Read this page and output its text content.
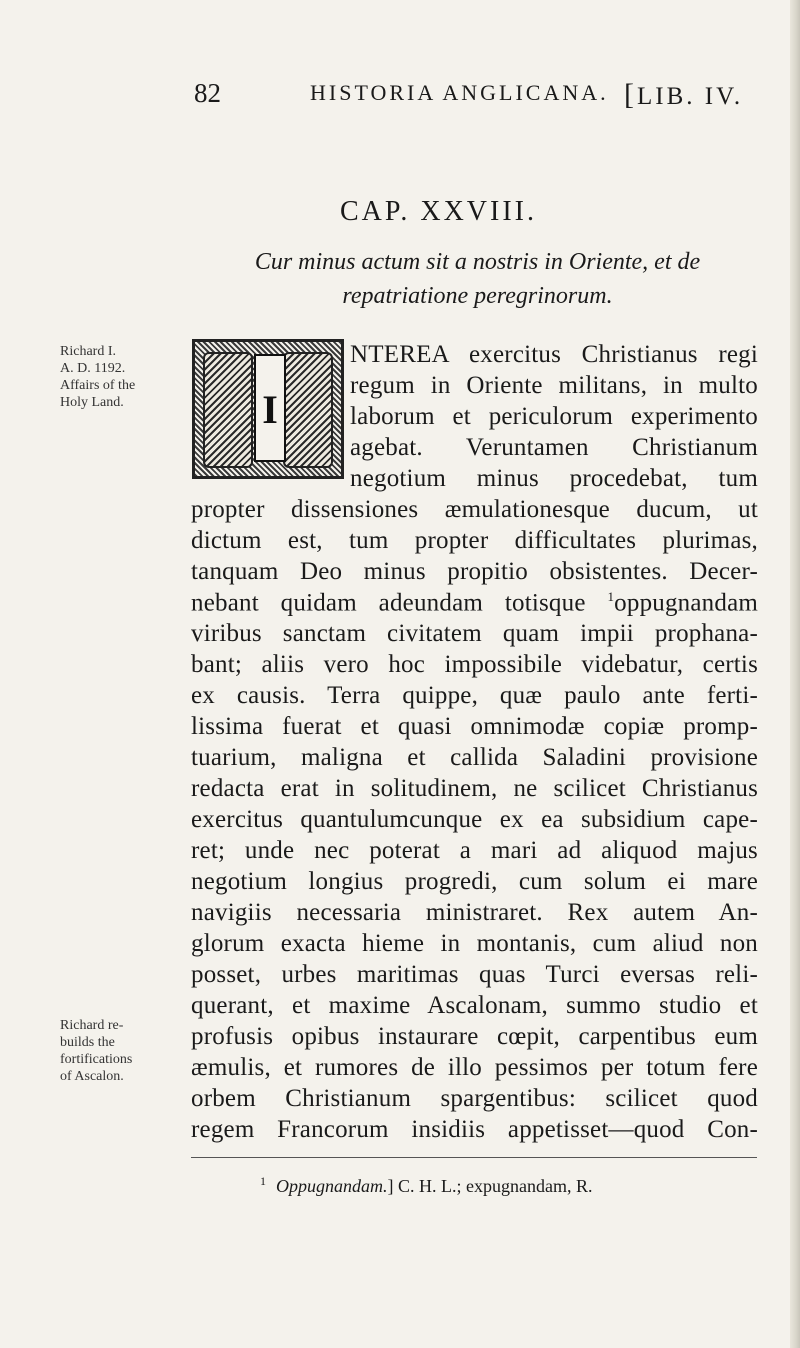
82	HISTORIA ANGLICANA. [LIB. IV.
CAP. XXVIII.
Cur minus actum sit a nostris in Oriente, et de repatriatione peregrinorum.
Richard I.
A. D. 1192.
Affairs of the
Holy Land.
Richard re-
builds the
fortifications
of Ascalon.
I
NTEREA exercitus Christianus regi
regum in Oriente militans, in multo
laborum et periculorum experimento
agebat. Veruntamen Christianum
negotium minus procedebat, tum
propter dissensiones æmulationesque ducum, ut
dictum est, tum propter difficultates plurimas,
tanquam Deo minus propitio obsistentes. Decer-
nebant quidam adeundam totisque $^1$oppugnandam
viribus sanctam civitatem quam impii prophana-
bant; aliis vero hoc impossibile videbatur, certis
ex causis. Terra quippe, quæ paulo ante ferti-
lissima fuerat et quasi omnimodæ copiæ promp-
tuarium, maligna et callida Saladini provisione
redacta erat in solitudinem, ne scilicet Christianus
exercitus quantulumcunque ex ea subsidium cape-
ret; unde nec poterat a mari ad aliquod majus
negotium longius progredi, cum solum ei mare
navigiis necessaria ministraret. Rex autem An-
glorum exacta hieme in montanis, cum aliud non
posset, urbes maritimas quas Turci eversas reli-
querant, et maxime Ascalonam, summo studio et
profusis opibus instaurare cœpit, carpentibus eum
æmulis, et rumores de illo pessimos per totum fere
orbem Christianum spargentibus: scilicet quod
regem Francorum insidiis appetisset—quod Con-
$^1$ Oppugnandam.] C. H. L.; expugnandam, R.
